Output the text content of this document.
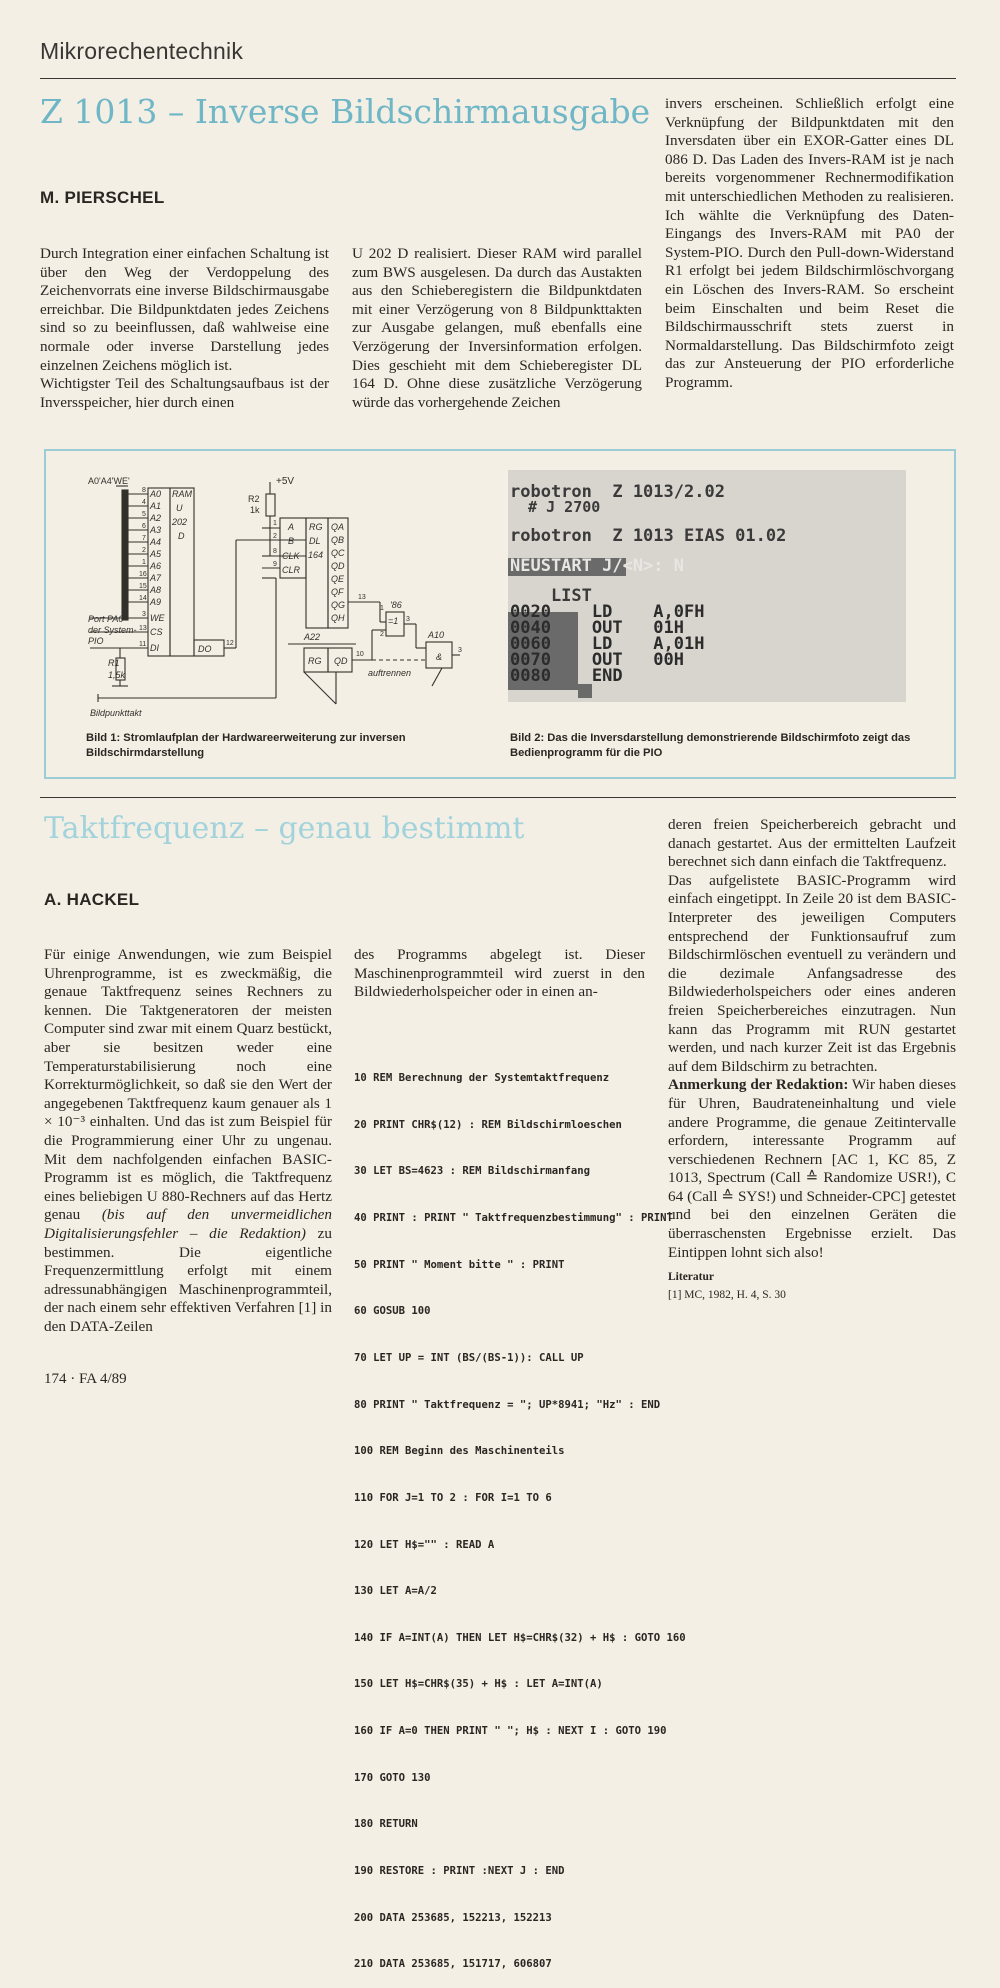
Mikrorechentechnik
Z 1013 – Inverse Bildschirmausgabe
M. PIERSCHEL

Durch Integration einer einfachen Schaltung ist über den Weg der Verdoppelung des Zeichenvorrats eine inverse Bildschirmausgabe erreichbar. Die Bildpunktdaten jedes Zeichens sind so zu beeinflussen, daß wahlweise eine normale oder inverse Darstellung jedes einzelnen Zeichens möglich ist.

Wichtigster Teil des Schaltungsaufbaus ist der Inversspeicher, hier durch einen

U 202 D realisiert. Dieser RAM wird parallel zum BWS ausgelesen. Da durch das Austakten aus den Schieberegistern die Bildpunktdaten mit einer Verzögerung von 8 Bildpunkttakten zur Ausgabe gelangen, muß ebenfalls eine Verzögerung der Inversinformation erfolgen. Dies geschieht mit dem Schieberegister DL 164 D. Ohne diese zusätzliche Verzögerung würde das vorhergehende Zeichen

invers erscheinen. Schließlich erfolgt eine Verknüpfung der Bildpunktdaten mit den Inversdaten über ein EXOR-Gatter eines DL 086 D. Das Laden des Invers-RAM ist je nach bereits vorgenommener Rechnermodifikation mit unterschiedlichen Methoden zu realisieren. Ich wählte die Verknüpfung des Daten-Eingangs des Invers-RAM mit PA0 der System-PIO. Durch den Pull-down-Widerstand R1 erfolgt bei jedem Bildschirmlöschvorgang ein Löschen des Invers-RAM. So erscheint beim Einschalten und beim Reset die Bildschirmausschrift stets zuerst in Normaldarstellung. Das Bildschirmfoto zeigt das zur Ansteuerung der PIO erforderliche Programm.

A0'A4'WE'	+5V
R2
1k
A0
A1
A2
A3
A4
A5
A6
A7
A8
A9
WE
CS
DI	DO
RAM
U
202
D
A
B
CLK
CLR
RG
DL
164
QA
QB
QC
QD
QE
QF
QG
QH
Port PA0
der System-
PIO
R1
1,5k
Bildpunkttakt
A22
RG QD
A10
&
'86
=1
auftrennen
8
4
5
6
7
2
1
16
15
14
3
13
11	12
1
2
8
9
13
10
3
1
2
3
Bild 1: Stromlaufplan der Hardwareerweiterung zur inversen Bildschirmdarstellung
robotron  Z 1013/2.02
# J 2700
robotron  Z 1013 EIAS 01.02
NEUSTART J/<N>: N
LIST
0020    LD    A,0FH
0040    OUT   01H
0060    LD    A,01H
0070    OUT   00H
0080    END
Bild 2: Das die Inversdarstellung demonstrierende Bildschirmfoto zeigt das Bedienprogramm für die PIO
Taktfrequenz – genau bestimmt
A. HACKEL

Für einige Anwendungen, wie zum Beispiel Uhrenprogramme, ist es zweckmäßig, die genaue Taktfrequenz seines Rechners zu kennen. Die Taktgeneratoren der meisten Computer sind zwar mit einem Quarz bestückt, aber sie besitzen weder eine Temperaturstabilisierung noch eine Korrekturmöglichkeit, so daß sie den Wert der angegebenen Taktfrequenz kaum genauer als 1 × 10⁻³ einhalten. Und das ist zum Beispiel für die Programmierung einer Uhr zu ungenau. Mit dem nachfolgenden einfachen BASIC-Programm ist es möglich, die Taktfrequenz eines beliebigen U 880-Rechners auf das Hertz genau (bis auf den unvermeidlichen Digitalisierungsfehler – die Redaktion) zu bestimmen. Die eigentliche Frequenzermittlung erfolgt mit einem adressunabhängigen Maschinenprogrammteil, der nach einem sehr effektiven Verfahren [1] in den DATA-Zeilen

des Programms abgelegt ist. Dieser Maschinenprogrammteil wird zuerst in den Bildwiederholspeicher oder in einen an-

10 REM Berechnung der Systemtaktfrequenz

20 PRINT CHR$(12) : REM Bildschirmloeschen

30 LET BS=4623 : REM Bildschirmanfang

40 PRINT : PRINT " Taktfrequenzbestimmung" : PRINT

50 PRINT " Moment bitte " : PRINT

60 GOSUB 100

70 LET UP = INT (BS/(BS-1)): CALL UP

80 PRINT " Taktfrequenz = "; UP*8941; "Hz" : END

100 REM Beginn des Maschinenteils

110 FOR J=1 TO 2 : FOR I=1 TO 6

120 LET H$="" : READ A

130 LET A=A/2

140 IF A=INT(A) THEN LET H$=CHR$(32) + H$ : GOTO 160

150 LET H$=CHR$(35) + H$ : LET A=INT(A)

160 IF A=0 THEN PRINT " "; H$ : NEXT I : GOTO 190

170 GOTO 130

180 RETURN

190 RESTORE : PRINT :NEXT J : END

200 DATA 253685, 152213, 152213

210 DATA 253685, 151717, 606807

deren freien Speicherbereich gebracht und danach gestartet. Aus der ermittelten Laufzeit berechnet sich dann einfach die Taktfrequenz.

Das aufgelistete BASIC-Programm wird einfach eingetippt. In Zeile 20 ist dem BASIC-Interpreter des jeweiligen Computers entsprechend der Funktionsaufruf zum Bildschirmlöschen eventuell zu verändern und die dezimale Anfangsadresse des Bildwiederholspeichers oder eines anderen freien Speicherbereiches einzutragen. Nun kann das Programm mit RUN gestartet werden, und nach kurzer Zeit ist das Ergebnis auf dem Bildschirm zu betrachten.

Anmerkung der Redaktion: Wir haben dieses für Uhren, Baudrateneinhaltung und viele andere Programme, die genaue Zeitintervalle erfordern, interessante Programm auf verschiedenen Rechnern [AC 1, KC 85, Z 1013, Spectrum (Call ≙ Randomize USR!), C 64 (Call ≙ SYS!) und Schneider-CPC] getestet und bei den einzelnen Geräten die überraschensten Ergebnisse erzielt. Das Eintippen lohnt sich also!

Literatur
[1] MC, 1982, H. 4, S. 30
174 · FA 4/89
